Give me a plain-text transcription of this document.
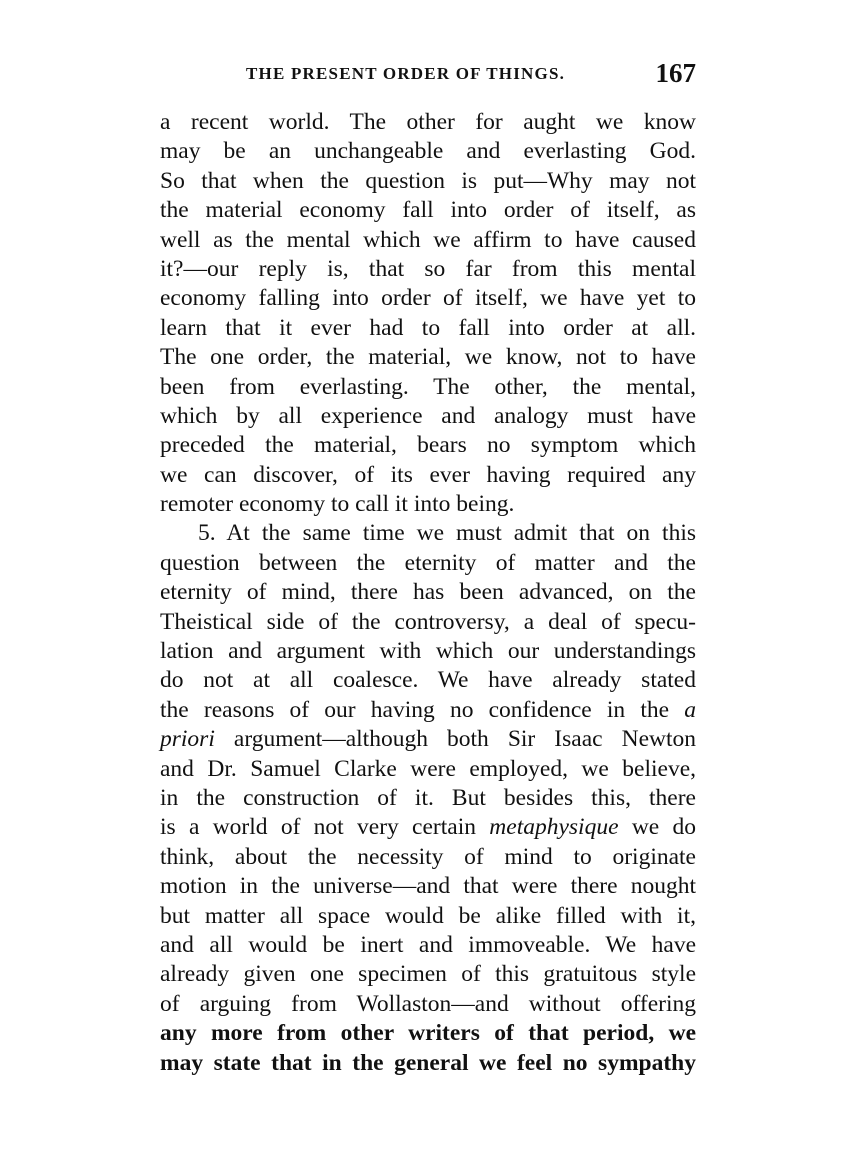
THE PRESENT ORDER OF THINGS.	167
a recent world. The other for aught we know
may be an unchangeable and everlasting God.
So that when the question is put—Why may not
the material economy fall into order of itself, as
well as the mental which we affirm to have caused
it?—our reply is, that so far from this mental
economy falling into order of itself, we have yet to
learn that it ever had to fall into order at all.
The one order, the material, we know, not to have
been from everlasting. The other, the mental,
which by all experience and analogy must have
preceded the material, bears no symptom which
we can discover, of its ever having required any
remoter economy to call it into being.
5. At the same time we must admit that on this
question between the eternity of matter and the
eternity of mind, there has been advanced, on the
Theistical side of the controversy, a deal of specu-
lation and argument with which our understandings
do not at all coalesce. We have already stated
the reasons of our having no confidence in the a
priori argument—although both Sir Isaac Newton
and Dr. Samuel Clarke were employed, we believe,
in the construction of it. But besides this, there
is a world of not very certain metaphysique we do
think, about the necessity of mind to originate
motion in the universe—and that were there nought
but matter all space would be alike filled with it,
and all would be inert and immoveable. We have
already given one specimen of this gratuitous style
of arguing from Wollaston—and without offering
any more from other writers of that period, we
may state that in the general we feel no sympathy
